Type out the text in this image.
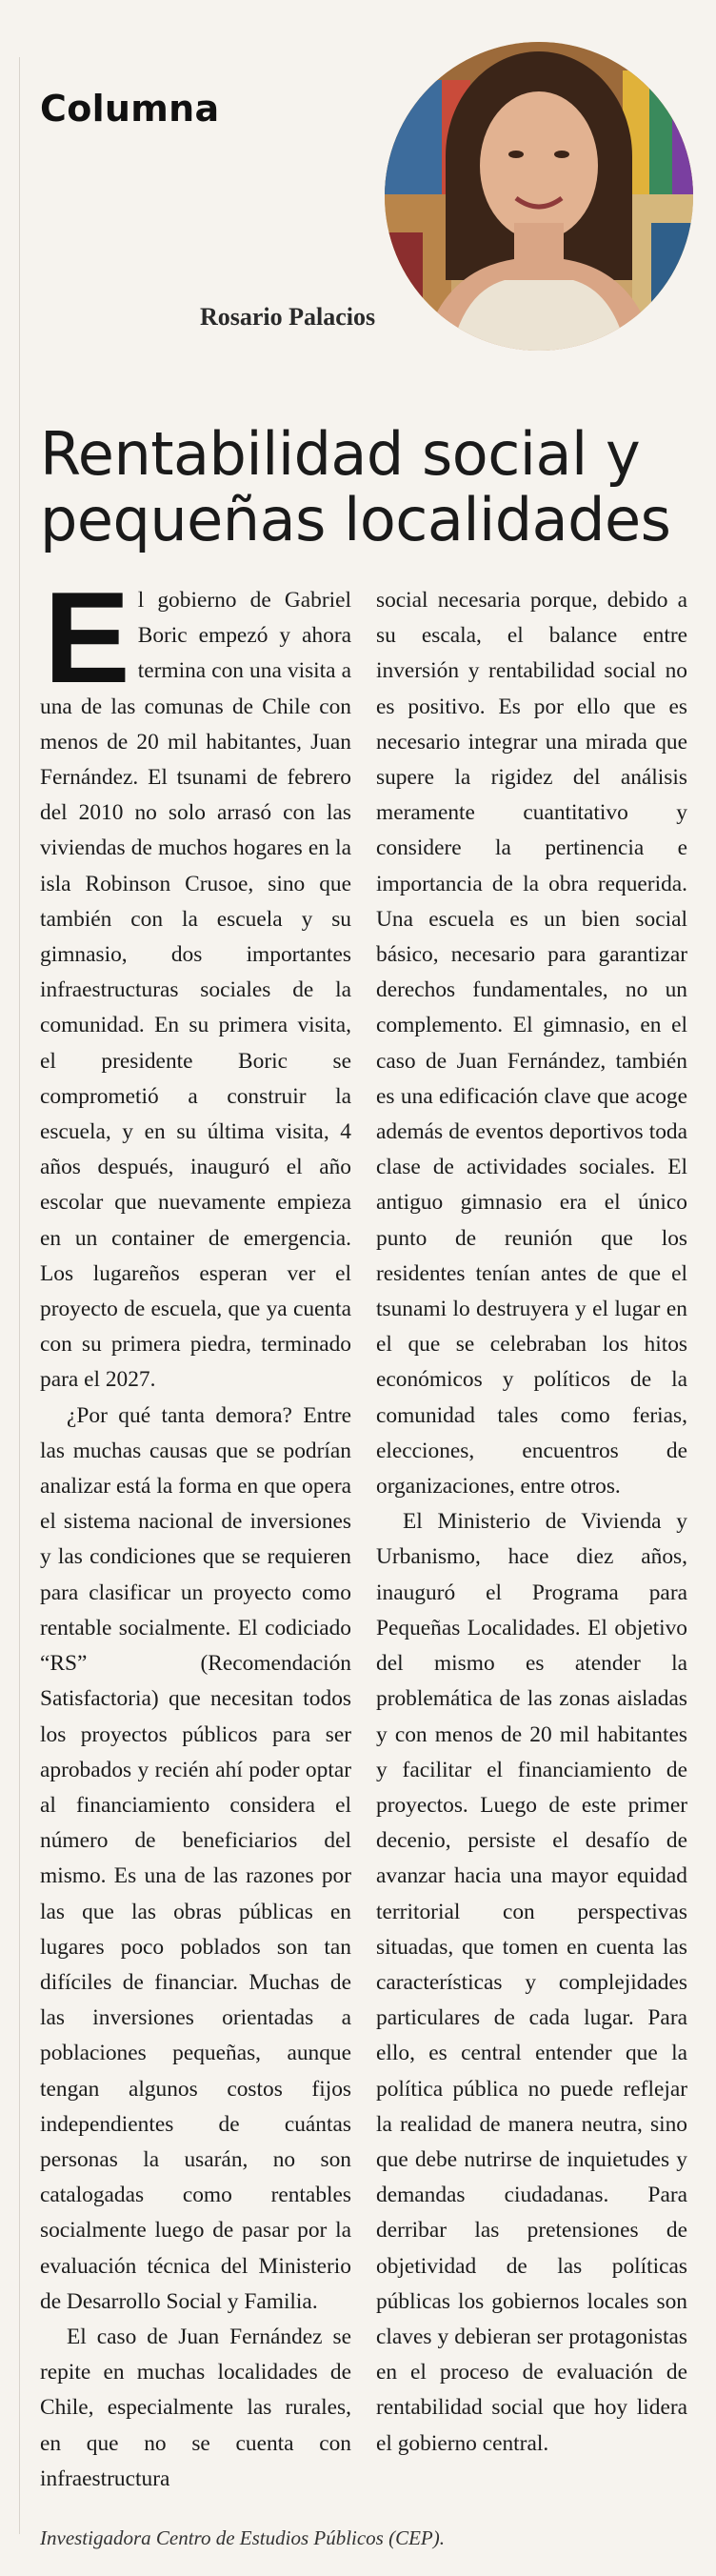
Columna
Rosario Palacios
Rentabilidad social y pequeñas localidades

El gobierno de Gabriel Boric empezó y ahora termina con una visita a una de las comunas de Chile con menos de 20 mil habitantes, Juan Fernández. El tsunami de febrero del 2010 no solo arrasó con las viviendas de muchos hogares en la isla Robinson Crusoe, sino que también con la escuela y su gimnasio, dos importantes infraestructuras sociales de la comunidad. En su primera visita, el presidente Boric se comprometió a construir la escuela, y en su última visita, 4 años después, inauguró el año escolar que nuevamente empieza en un container de emergencia. Los lugareños esperan ver el proyecto de escuela, que ya cuenta con su primera piedra, terminado para el 2027.

¿Por qué tanta demora? Entre las muchas causas que se podrían analizar está la forma en que opera el sistema nacional de inversiones y las condiciones que se requieren para clasificar un proyecto como rentable socialmente. El codiciado “RS” (Recomendación Satisfactoria) que necesitan todos los proyectos públicos para ser aprobados y recién ahí poder optar al financiamiento considera el número de beneficiarios del mismo. Es una de las razones por las que las obras públicas en lugares poco poblados son tan difíciles de financiar. Muchas de las inversiones orientadas a poblaciones pequeñas, aunque tengan algunos costos fijos independientes de cuántas personas la usarán, no son catalogadas como rentables socialmente luego de pasar por la evaluación técnica del Ministerio de Desarrollo Social y Familia.

El caso de Juan Fernández se repite en muchas localidades de Chile, especialmente las rurales, en que no se cuenta con infraestructura

social necesaria porque, debido a su escala, el balance entre inversión y rentabilidad social no es positivo. Es por ello que es necesario integrar una mirada que supere la rigidez del análisis meramente cuantitativo y considere la pertinencia e importancia de la obra requerida. Una escuela es un bien social básico, necesario para garantizar derechos fundamentales, no un complemento. El gimnasio, en el caso de Juan Fernández, también es una edificación clave que acoge además de eventos deportivos toda clase de actividades sociales. El antiguo gimnasio era el único punto de reunión que los residentes tenían antes de que el tsunami lo destruyera y el lugar en el que se celebraban los hitos económicos y políticos de la comunidad tales como ferias, elecciones, encuentros de organizaciones, entre otros.

El Ministerio de Vivienda y Urbanismo, hace diez años, inauguró el Programa para Pequeñas Localidades. El objetivo del mismo es atender la problemática de las zonas aisladas y con menos de 20 mil habitantes y facilitar el financiamiento de proyectos. Luego de este primer decenio, persiste el desafío de avanzar hacia una mayor equidad territorial con perspectivas situadas, que tomen en cuenta las características y complejidades particulares de cada lugar. Para ello, es central entender que la política pública no puede reflejar la realidad de manera neutra, sino que debe nutrirse de inquietudes y demandas ciudadanas. Para derribar las pretensiones de objetividad de las políticas públicas los gobiernos locales son claves y debieran ser protagonistas en el proceso de evaluación de rentabilidad social que hoy lidera el gobierno central.

Investigadora Centro de Estudios Públicos (CEP).
